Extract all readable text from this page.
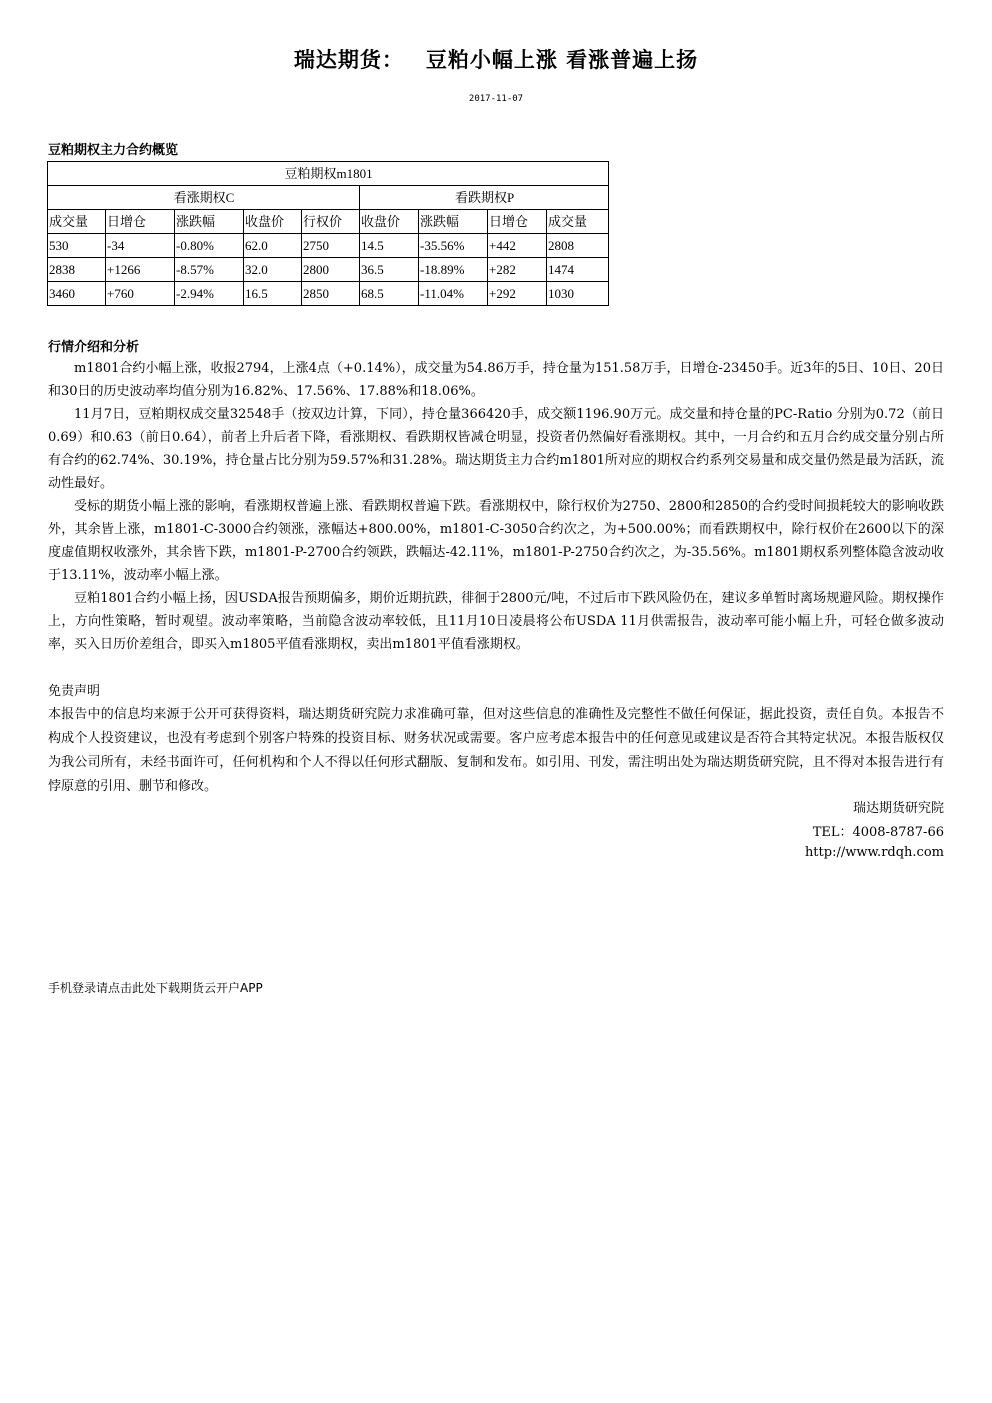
瑞达期货： 豆粕小幅上涨 看涨普遍上扬
2017-11-07
豆粕期权主力合约概览
豆粕期权m1801								
看涨期权C					看跌期权P			
成交量	日增仓	涨跌幅	收盘价	行权价	收盘价	涨跌幅	日增仓	成交量
530	-34	-0.80%	62.0	2750	14.5	-35.56%	+442	2808
2838	+1266	-8.57%	32.0	2800	36.5	-18.89%	+282	1474
3460	+760	-2.94%	16.5	2850	68.5	-11.04%	+292	1030
行情介绍和分析

m1801合约小幅上涨，收报2794，上涨4点（+0.14%），成交量为54.86万手，持仓量为151.58万手，日增仓-23450手。近3年的5日、10日、20日和30日的历史波动率均值分别为16.82%、17.56%、17.88%和18.06%。

11月7日，豆粕期权成交量32548手（按双边计算，下同），持仓量366420手，成交额1196.90万元。成交量和持仓量的PC-Ratio 分别为0.72（前日0.69）和0.63（前日0.64），前者上升后者下降，看涨期权、看跌期权皆减仓明显，投资者仍然偏好看涨期权。其中，一月合约和五月合约成交量分别占所有合约的62.74%、30.19%，持仓量占比分别为59.57%和31.28%。瑞达期货主力合约m1801所对应的期权合约系列交易量和成交量仍然是最为活跃，流动性最好。

受标的期货小幅上涨的影响，看涨期权普遍上涨、看跌期权普遍下跌。看涨期权中，除行权价为2750、2800和2850的合约受时间损耗较大的影响收跌外，其余皆上涨，m1801-C-3000合约领涨，涨幅达+800.00%，m1801-C-3050合约次之，为+500.00%；而看跌期权中，除行权价在2600以下的深度虚值期权收涨外，其余皆下跌，m1801-P-2700合约领跌，跌幅达-42.11%，m1801-P-2750合约次之，为-35.56%。m1801期权系列整体隐含波动收于13.11%，波动率小幅上涨。

豆粕1801合约小幅上扬，因USDA报告预期偏多，期价近期抗跌，徘徊于2800元/吨，不过后市下跌风险仍在，建议多单暂时离场规避风险。期权操作上，方向性策略，暂时观望。波动率策略，当前隐含波动率较低，且11月10日凌晨将公布USDA 11月供需报告，波动率可能小幅上升，可轻仓做多波动率，买入日历价差组合，即买入m1805平值看涨期权，卖出m1801平值看涨期权。

免责声明
本报告中的信息均来源于公开可获得资料，瑞达期货研究院力求准确可靠，但对这些信息的准确性及完整性不做任何保证，据此投资，责任自负。本报告不构成个人投资建议，也没有考虑到个别客户特殊的投资目标、财务状况或需要。客户应考虑本报告中的任何意见或建议是否符合其特定状况。本报告版权仅为我公司所有，未经书面许可，任何机构和个人不得以任何形式翻版、复制和发布。如引用、刊发，需注明出处为瑞达期货研究院，且不得对本报告进行有悖原意的引用、删节和修改。
瑞达期货研究院
TEL：4008-8787-66
http://www.rdqh.com
手机登录请点击此处下载期货云开户APP
